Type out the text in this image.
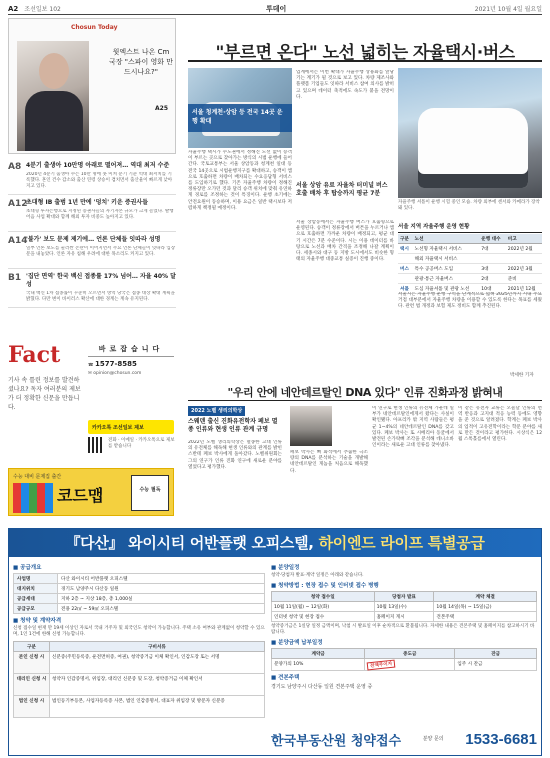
A2 조선일보 102	투데이	2021년 10월 4일 월요일
Chosun Today
윗엑스트 나온 Cm 국장 "스파이 영화 만드시나요?"
A25
A8 4분기 출생아 10만명 아래로 떨어져… 역대 최저 수준
2020년 4분기 출생아 수는 10만 명에 못 미쳐 분기 기준 역대 최저치를 기록했다. 혼인 건수 감소와 출산 연령 상승이 겹치면서 출산율이 빠르게 낮아지고 있다.
A12
초대형 IB 출범 1년 만에 '덩치' 키운 증권사들
초대형 투자은행으로 지정된 증권사들의 자기자본 규모가 크게 늘었다. 발행어음 사업 확대와 함께 해외 투자 비중도 높아지고 있다.
A14
'불가' 보도 문제 제기에… 언론 단체들 잇따라 성명
일부 언론 보도를 둘러싼 논란이 이어지면서 주요 언론 단체들이 잇따라 입장문을 내놓았다. 언론 자유 침해 우려에 대한 목소리도 커지고 있다.
B1 '집단 면역' 한국 백신 접종률 17% 넘어… 자율 40% 달성
국내 백신 1차 접종률이 꾸준히 오르면서 방역 당국은 접종 대상 확대 계획을 밝혔다. 다만 변이 바이러스 확산에 대한 경계는 계속 유지된다.
Fact
기사 속 틀린 정보를 발견하셨나요? 독자 여러분의 제보가 더 정확한 신문을 만듭니다.
바로잡습니다
☎ 1577-8585
✉ opinion@chosun.com
카카오톡 조선일보 제보
전화 · 이메일 · 카카오톡으로 제보를 받습니다
수능 대비 문제집 출간
코드맵	수능 필독
"부르면 온다" 노선 넓히는 자율택시·버스
서울 청계천·상암 등 전국 14곳 운행 확대
자율주행 택시가 수도권에서 정해진 노선 없이 승객이 부르는 곳으로 찾아가는 방식의 시범 운행에 들어간다. 국토교통부는 서울 상암동과 청계천 일대 등 전국 14곳으로 시범운행지구를 확대하고, 승객이 앱으로 호출하면 차량이 배차되는 수요응답형 서비스를 도입하기로 했다. 기존 자율주행 차량이 정해진 정류장만 오가던 것과 달리 승객 위치에 맞춰 유연하게 경로를 조정하는 것이 특징이다. 운행 초기에는 안전요원이 동승하며, 이용 요금은 일반 택시보다 저렴하게 책정될 예정이다.
업계에서는 이번 확대가 자율주행 상용화를 앞당기는 계기가 될 것으로 보고 있다. 차량 제조사와 플랫폼 기업들도 잇따라 서비스 참여 의사를 밝히고 있으며 데이터 축적에도 속도가 붙을 전망이다.
서울 상암 유료 자율차 터미널 버스 호출 배차 후 탑승까지 평균 7분
서울 상암동에서는 자율주행 버스가 호출형으로 운영된다. 승객이 정류장에서 버튼을 누르거나 앱으로 호출하면 가까운 차량이 배정되고, 평균 대기 시간은 7분 수준이다. 시는 이용 데이터를 바탕으로 노선과 배차 간격을 조정해 나갈 계획이다. 세종시와 대구 등 지방 도시에서도 비슷한 형태의 자율주행 대중교통 실증이 진행 중이다.
자율주행 셔틀이 운행 시험 중인 모습. 차량 외부에 센서와 카메라가 장착돼 있다.
서울 지역 자율주행 운영 현황
구분	노선	운행 대수	비고
택시	노선형 자율택시 서비스	7대	2022년 2월
	해외 자율택시 서비스		
버스	특수 공공버스 도입	3대	2022년 3월
	관광·통근 자율버스	2대	준비
셔틀	도심 자율셔틀 및 관광 노선	10대	2021년 12월
서울시는 자율주행 운행 구역을 단계적으로 넓혀 2025년까지 시내 주요 거점 대부분에서 자율주행 차량을 이용할 수 있도록 한다는 목표를 세웠다. 관련 법 개정과 보험 제도 정비도 함께 추진된다.
박세한 기자
"우리 안에 네안데르탈인 DNA 있다" 인류 진화과정 밝혀내
2022 노벨 생리의학상
스웨덴 출신 진화유전학자 페보 멸종 인류와 현생 인류 관계 규명
2022년 노벨 생리의학상은 멸종한 고대 인류의 유전체를 해독해 현생 인류와의 관계를 밝힌 스반테 페보 박사에게 돌아갔다. 노벨위원회는 그의 연구가 인류 진화 연구에 새로운 분야를 열었다고 평가했다.
페보 박사는 뼈 화석에서 추출한 극소량의 DNA를 분석하는 기술을 개발해 네안데르탈인 게놈을 처음으로 해독했다.
이 연구로 현생 인류의 유전체 가운데 일부가 네안데르탈인에게서 왔다는 사실이 확인됐다. 아프리카 밖 지역 사람들은 평균 1~4%의 네안데르탈인 DNA를 갖고 있다. 페보 박사는 또 시베리아 동굴에서 발견된 손가락뼈 조각을 분석해 데니소바인이라는 새로운 고대 인류를 찾아냈다.
이 같은 유전자 교류는 오늘날 인류의 면역 반응과 고지대 적응 능력 등에도 영향을 준 것으로 알려졌다. 학계는 페보 박사의 업적이 고유전학이라는 학문 분야를 새로 만든 것이라고 평가한다. 시상식은 12월 스톡홀름에서 열린다.
『다산』 와이시티 어반플랫 오피스텔, 하이엔드 라이프 특별공급
■ 공급개요
사업명	다산 와이시티 어반플랫 오피스텔
대지위치	경기도 남양주시 다산동 일원
공급세대	지하 2층 ~ 지상 18층, 총 1,000실
공급규모	전용 22㎡ ~ 59㎡ 오피스텔
■ 청약 및 계약자격
신청 접수일 현재 만 19세 이상인 자로서 국내 거주자 및 외국인도 청약이 가능합니다. 주택 소유 여부와 관계없이 청약할 수 있으며, 1인 1건에 한해 신청 가능합니다.
구분	구비서류
본인 신청 시	신분증(주민등록증, 운전면허증, 여권), 청약증거금 이체 확인서, 인감도장 또는 서명
대리인 신청 시	청약자 인감증명서, 위임장, 대리인 신분증 및 도장, 청약증거금 이체 확인서
법인 신청 시	법인등기부등본, 사업자등록증 사본, 법인 인감증명서, 대표자 위임장 및 방문자 신분증
■ 분양일정
청약·당첨자 발표·계약 일정은 아래와 같습니다.
■ 청약방법 : 현장 접수 및 인터넷 접수 병행
청약 접수일	당첨자 발표	계약 체결
10월 11일(월) ~ 12일(화)	10월 13일(수)	10월 14일(목) ~ 15일(금)
인터넷 청약 및 현장 접수	홈페이지 게시	견본주택
청약증거금은 1실당 일정 금액이며, 낙첨 시 발표일 이후 순차적으로 환불됩니다. 자세한 내용은 견본주택 및 홈페이지를 참고하시기 바랍니다.
■ 분양금액 납부일정
계약금	중도금	잔금
분양가의 10%	전액무이자	입주 시 잔금
■ 견본주택
경기도 남양주시 다산동 일원 견본주택 운영 중
한국부동산원 청약접수	분양 문의 1533-6681
